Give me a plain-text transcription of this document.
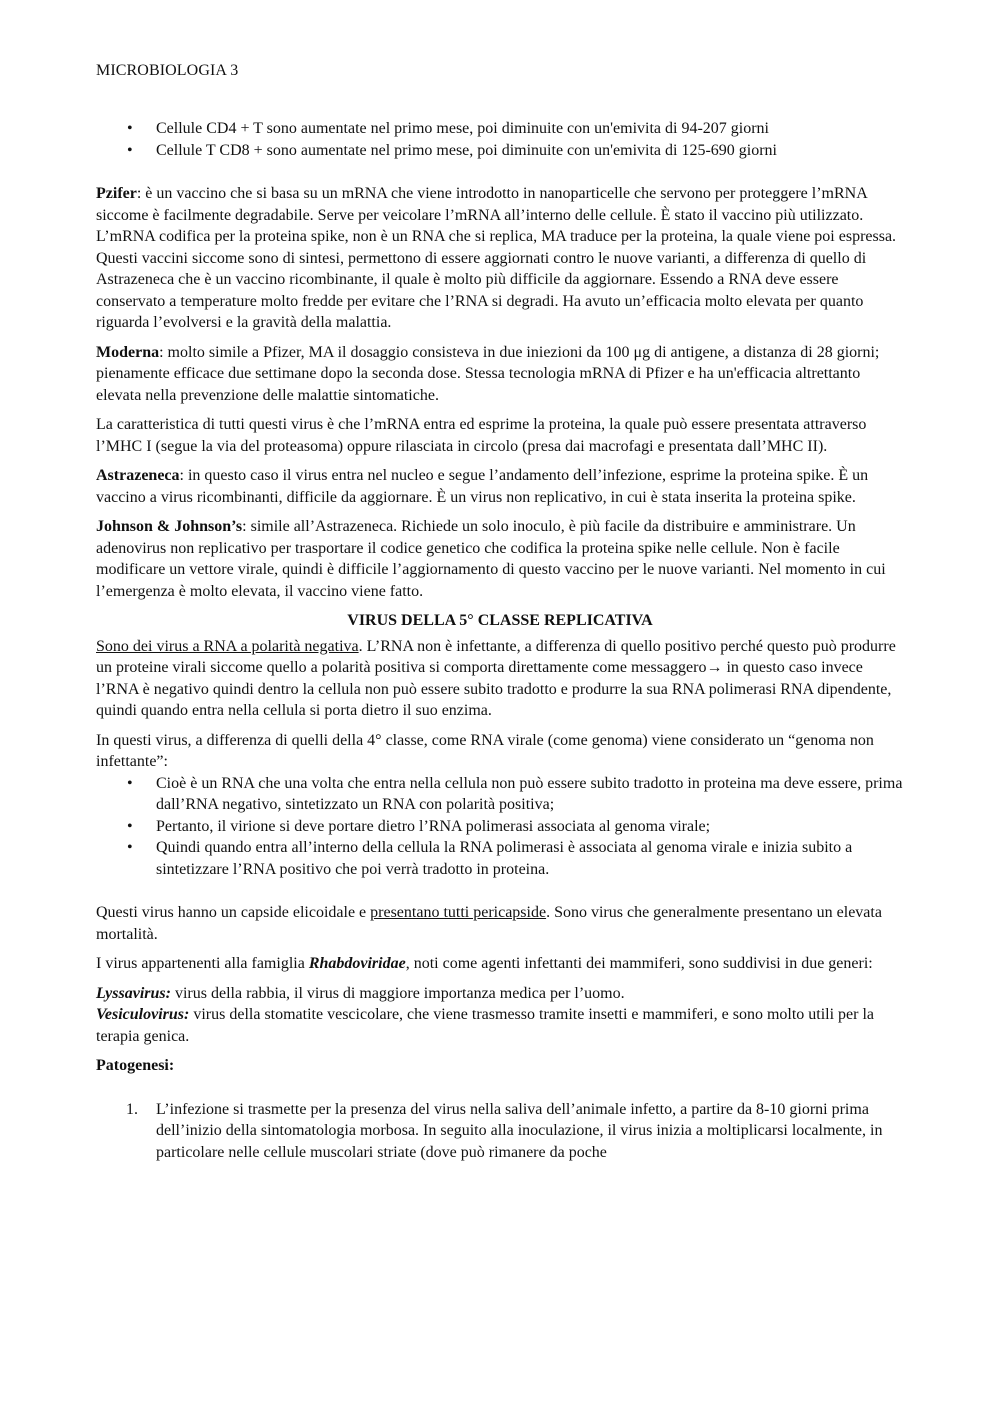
MICROBIOLOGIA 3
• Cellule CD4 + T sono aumentate nel primo mese, poi diminuite con un'emivita di 94-207 giorni
• Cellule T CD8 + sono aumentate nel primo mese, poi diminuite con un'emivita di 125-690 giorni

Pzifer: è un vaccino che si basa su un mRNA che viene introdotto in nanoparticelle che servono per proteggere l’mRNA siccome è facilmente degradabile. Serve per veicolare l’mRNA all’interno delle cellule. È stato il vaccino più utilizzato. L’mRNA codifica per la proteina spike, non è un RNA che si replica, MA traduce per la proteina, la quale viene poi espressa. Questi vaccini siccome sono di sintesi, permettono di essere aggiornati contro le nuove varianti, a differenza di quello di Astrazeneca che è un vaccino ricombinante, il quale è molto più difficile da aggiornare. Essendo a RNA deve essere conservato a temperature molto fredde per evitare che l’RNA si degradi. Ha avuto un’efficacia molto elevata per quanto riguarda l’evolversi e la gravità della malattia.

Moderna: molto simile a Pfizer, MA il dosaggio consisteva in due iniezioni da 100 μg di antigene, a distanza di 28 giorni; pienamente efficace due settimane dopo la seconda dose. Stessa tecnologia mRNA di Pfizer e ha un'efficacia altrettanto elevata nella prevenzione delle malattie sintomatiche.

La caratteristica di tutti questi virus è che l’mRNA entra ed esprime la proteina, la quale può essere presentata attraverso l’MHC I (segue la via del proteasoma) oppure rilasciata in circolo (presa dai macrofagi e presentata dall’MHC II).

Astrazeneca: in questo caso il virus entra nel nucleo e segue l’andamento dell’infezione, esprime la proteina spike. È un vaccino a virus ricombinanti, difficile da aggiornare. È un virus non replicativo, in cui è stata inserita la proteina spike.

Johnson & Johnson’s: simile all’Astrazeneca. Richiede un solo inoculo, è più facile da distribuire e amministrare. Un adenovirus non replicativo per trasportare il codice genetico che codifica la proteina spike nelle cellule. Non è facile modificare un vettore virale, quindi è difficile l’aggiornamento di questo vaccino per le nuove varianti. Nel momento in cui l’emergenza è molto elevata, il vaccino viene fatto.

VIRUS DELLA 5° CLASSE REPLICATIVA

Sono dei virus a RNA a polarità negativa. L’RNA non è infettante, a differenza di quello positivo perché questo può produrre un proteine virali siccome quello a polarità positiva si comporta direttamente come messaggero→ in questo caso invece l’RNA è negativo quindi dentro la cellula non può essere subito tradotto e produrre la sua RNA polimerasi RNA dipendente, quindi quando entra nella cellula si porta dietro il suo enzima.

In questi virus, a differenza di quelli della 4° classe, come RNA virale (come genoma) viene considerato un “genoma non infettante”:

• Cioè è un RNA che una volta che entra nella cellula non può essere subito tradotto in proteina ma deve essere, prima dall’RNA negativo, sintetizzato un RNA con polarità positiva;
• Pertanto, il virione si deve portare dietro l’RNA polimerasi associata al genoma virale;
• Quindi quando entra all’interno della cellula la RNA polimerasi è associata al genoma virale e inizia subito a sintetizzare l’RNA positivo che poi verrà tradotto in proteina.

Questi virus hanno un capside elicoidale e presentano tutti pericapside. Sono virus che generalmente presentano un elevata mortalità.

I virus appartenenti alla famiglia Rhabdoviridae, noti come agenti infettanti dei mammiferi, sono suddivisi in due generi:

Lyssavirus: virus della rabbia, il virus di maggiore importanza medica per l’uomo.
Vesiculovirus: virus della stomatite vescicolare, che viene trasmesso tramite insetti e mammiferi, e sono molto utili per la terapia genica.

Patogenesi:

1. L’infezione si trasmette per la presenza del virus nella saliva dell’animale infetto, a partire da 8-10 giorni prima dell’inizio della sintomatologia morbosa. In seguito alla inoculazione, il virus inizia a moltiplicarsi localmente, in particolare nelle cellule muscolari striate (dove può rimanere da poche
